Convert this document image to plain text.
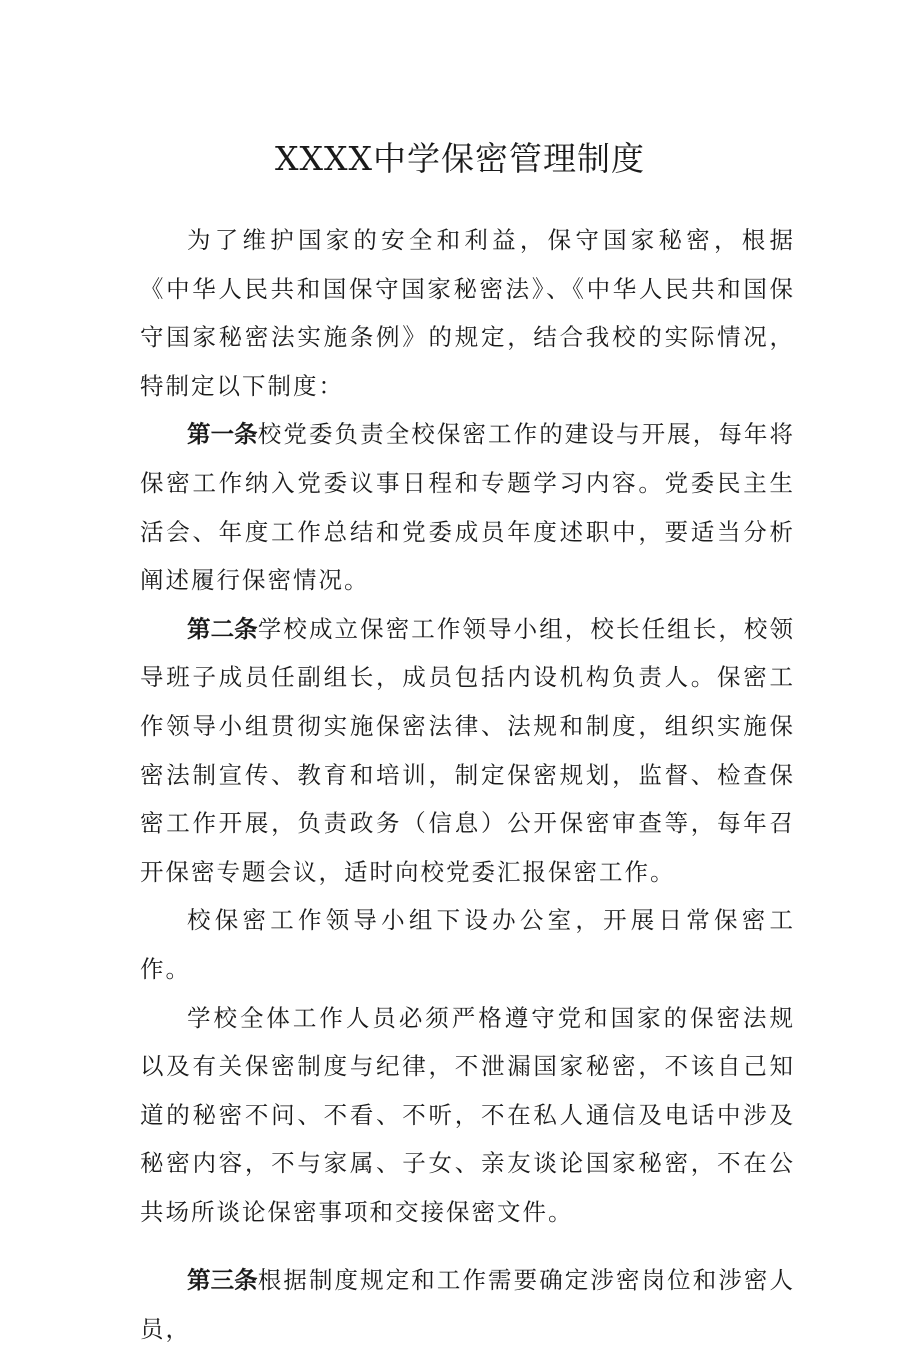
XXXX中学保密管理制度

为了维护国家的安全和利益，保守国家秘密，根据《中华人民共和国保守国家秘密法》、《中华人民共和国保守国家秘密法实施条例》的规定，结合我校的实际情况，特制定以下制度：

第一条校党委负责全校保密工作的建设与开展，每年将保密工作纳入党委议事日程和专题学习内容。党委民主生活会、年度工作总结和党委成员年度述职中，要适当分析阐述履行保密情况。

第二条学校成立保密工作领导小组，校长任组长，校领导班子成员任副组长，成员包括内设机构负责人。保密工作领导小组贯彻实施保密法律、法规和制度，组织实施保密法制宣传、教育和培训，制定保密规划，监督、检查保密工作开展，负责政务（信息）公开保密审查等，每年召开保密专题会议，适时向校党委汇报保密工作。

校保密工作领导小组下设办公室，开展日常保密工作。

学校全体工作人员必须严格遵守党和国家的保密法规以及有关保密制度与纪律，不泄漏国家秘密，不该自己知道的秘密不问、不看、不听，不在私人通信及电话中涉及秘密内容，不与家属、子女、亲友谈论国家秘密，不在公共场所谈论保密事项和交接保密文件。

第三条根据制度规定和工作需要确定涉密岗位和涉密人员，
